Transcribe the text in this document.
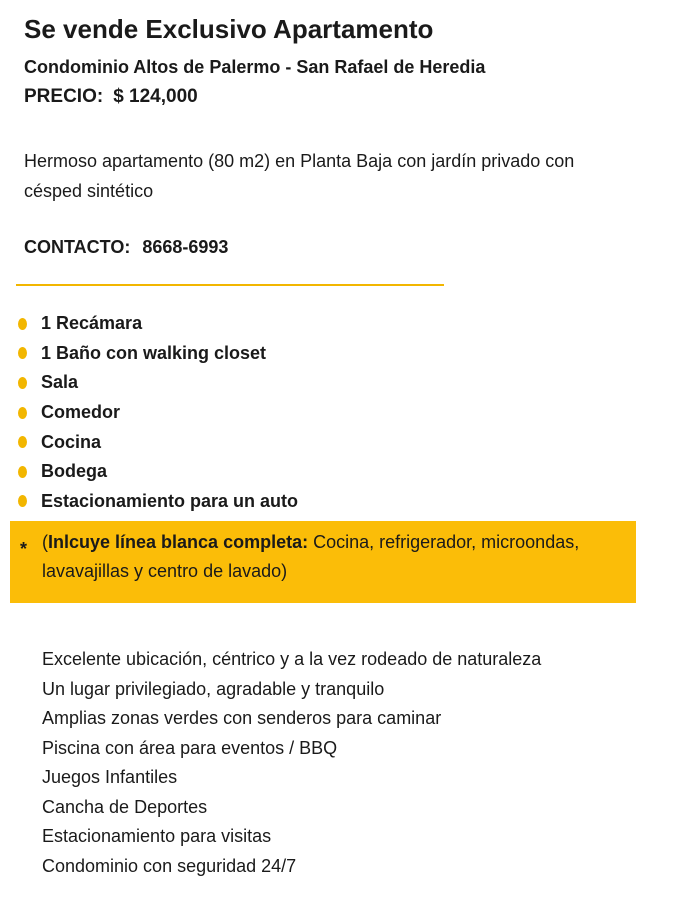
Se vende Exclusivo Apartamento
Condominio Altos de Palermo - San Rafael de Heredia
PRECIO: $ 124,000
Hermoso apartamento (80 m2) en Planta Baja con jardín privado con césped sintético
CONTACTO: 8668-6993
1 Recámara
1 Baño con walking closet
Sala
Comedor
Cocina
Bodega
Estacionamiento para un auto
* (Inlcuye línea blanca completa: Cocina, refrigerador, microondas, lavavajillas y centro de lavado)
Excelente ubicación, céntrico y a la vez rodeado de naturaleza
Un lugar privilegiado, agradable y tranquilo
Amplias zonas verdes con senderos para caminar
Piscina con área para eventos / BBQ
Juegos Infantiles
Cancha de Deportes
Estacionamiento para visitas
Condominio con seguridad 24/7
